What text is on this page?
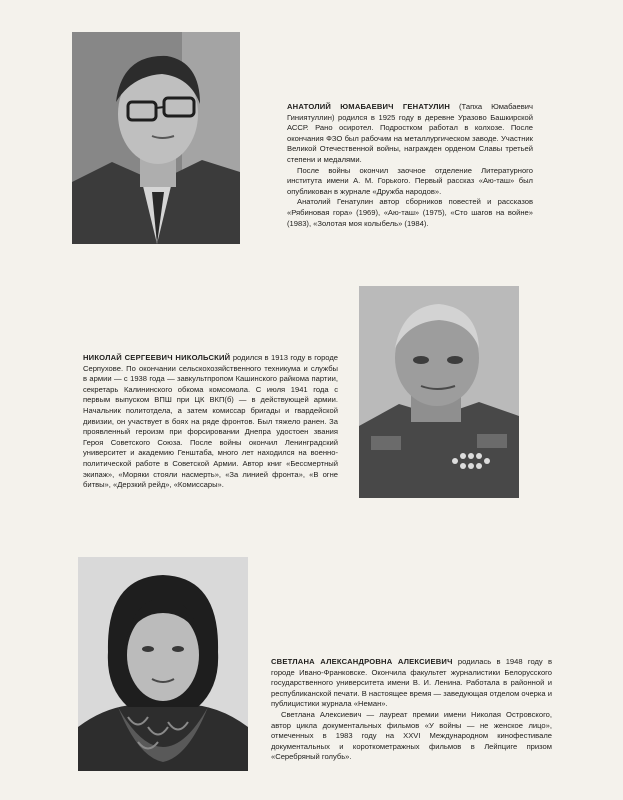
АНАТОЛИЙ ЮМАБАЕВИЧ ГЕНАТУЛИН (Тапха Юмабаевич Гиниятуллин) родился в 1925 году в деревне Уразово Башкирской АССР. Рано осиротел. Подростком работал в колхозе. После окончания ФЗО был рабочим на металлургическом заводе. Участник Великой Отечественной войны, награжден орденом Славы третьей степени и медалями.

После войны окончил заочное отделение Литературного института имени А. М. Горького. Первый рассказ «Аю-таш» был опубликован в журнале «Дружба народов».

Анатолий Генатулин автор сборников повестей и рассказов «Рябиновая гора» (1969), «Аю-таш» (1975), «Сто шагов на войне» (1983), «Золотая моя колыбель» (1984).

НИКОЛАЙ СЕРГЕЕВИЧ НИКОЛЬСКИЙ родился в 1913 году в городе Серпухове. По окончании сельскохозяйственного техникума и службы в армии — с 1938 года — завкультпропом Кашинского райкома партии, секретарь Калининского обкома комсомола. С июля 1941 года с первым выпуском ВПШ при ЦК ВКП(б) — в действующей армии. Начальник политотдела, а затем комиссар бригады и гвардейской дивизии, он участвует в боях на ряде фронтов. Был тяжело ранен. За проявленный героизм при форсировании Днепра удостоен звания Героя Советского Союза. После войны окончил Ленинградский университет и академию Генштаба, много лет находился на военно-политической работе в Советской Армии. Автор книг «Бессмертный экипаж», «Моряки стояли насмерть», «За линией фронта», «В огне битвы», «Дерзкий рейд», «Комиссары».

СВЕТЛАНА АЛЕКСАНДРОВНА АЛЕКСИЕВИЧ родилась в 1948 году в городе Ивано-Франковске. Окончила факультет журналистики Белорусского государственного университета имени В. И. Ленина. Работала в районной и республиканской печати. В настоящее время — заведующая отделом очерка и публицистики журнала «Неман».

Светлана Алексиевич — лауреат премии имени Николая Островского, автор цикла документальных фильмов «У войны — не женское лицо», отмеченных в 1983 году на XXVI Международном кинофестивале документальных и короткометражных фильмов в Лейпциге призом «Серебряный голубь».
